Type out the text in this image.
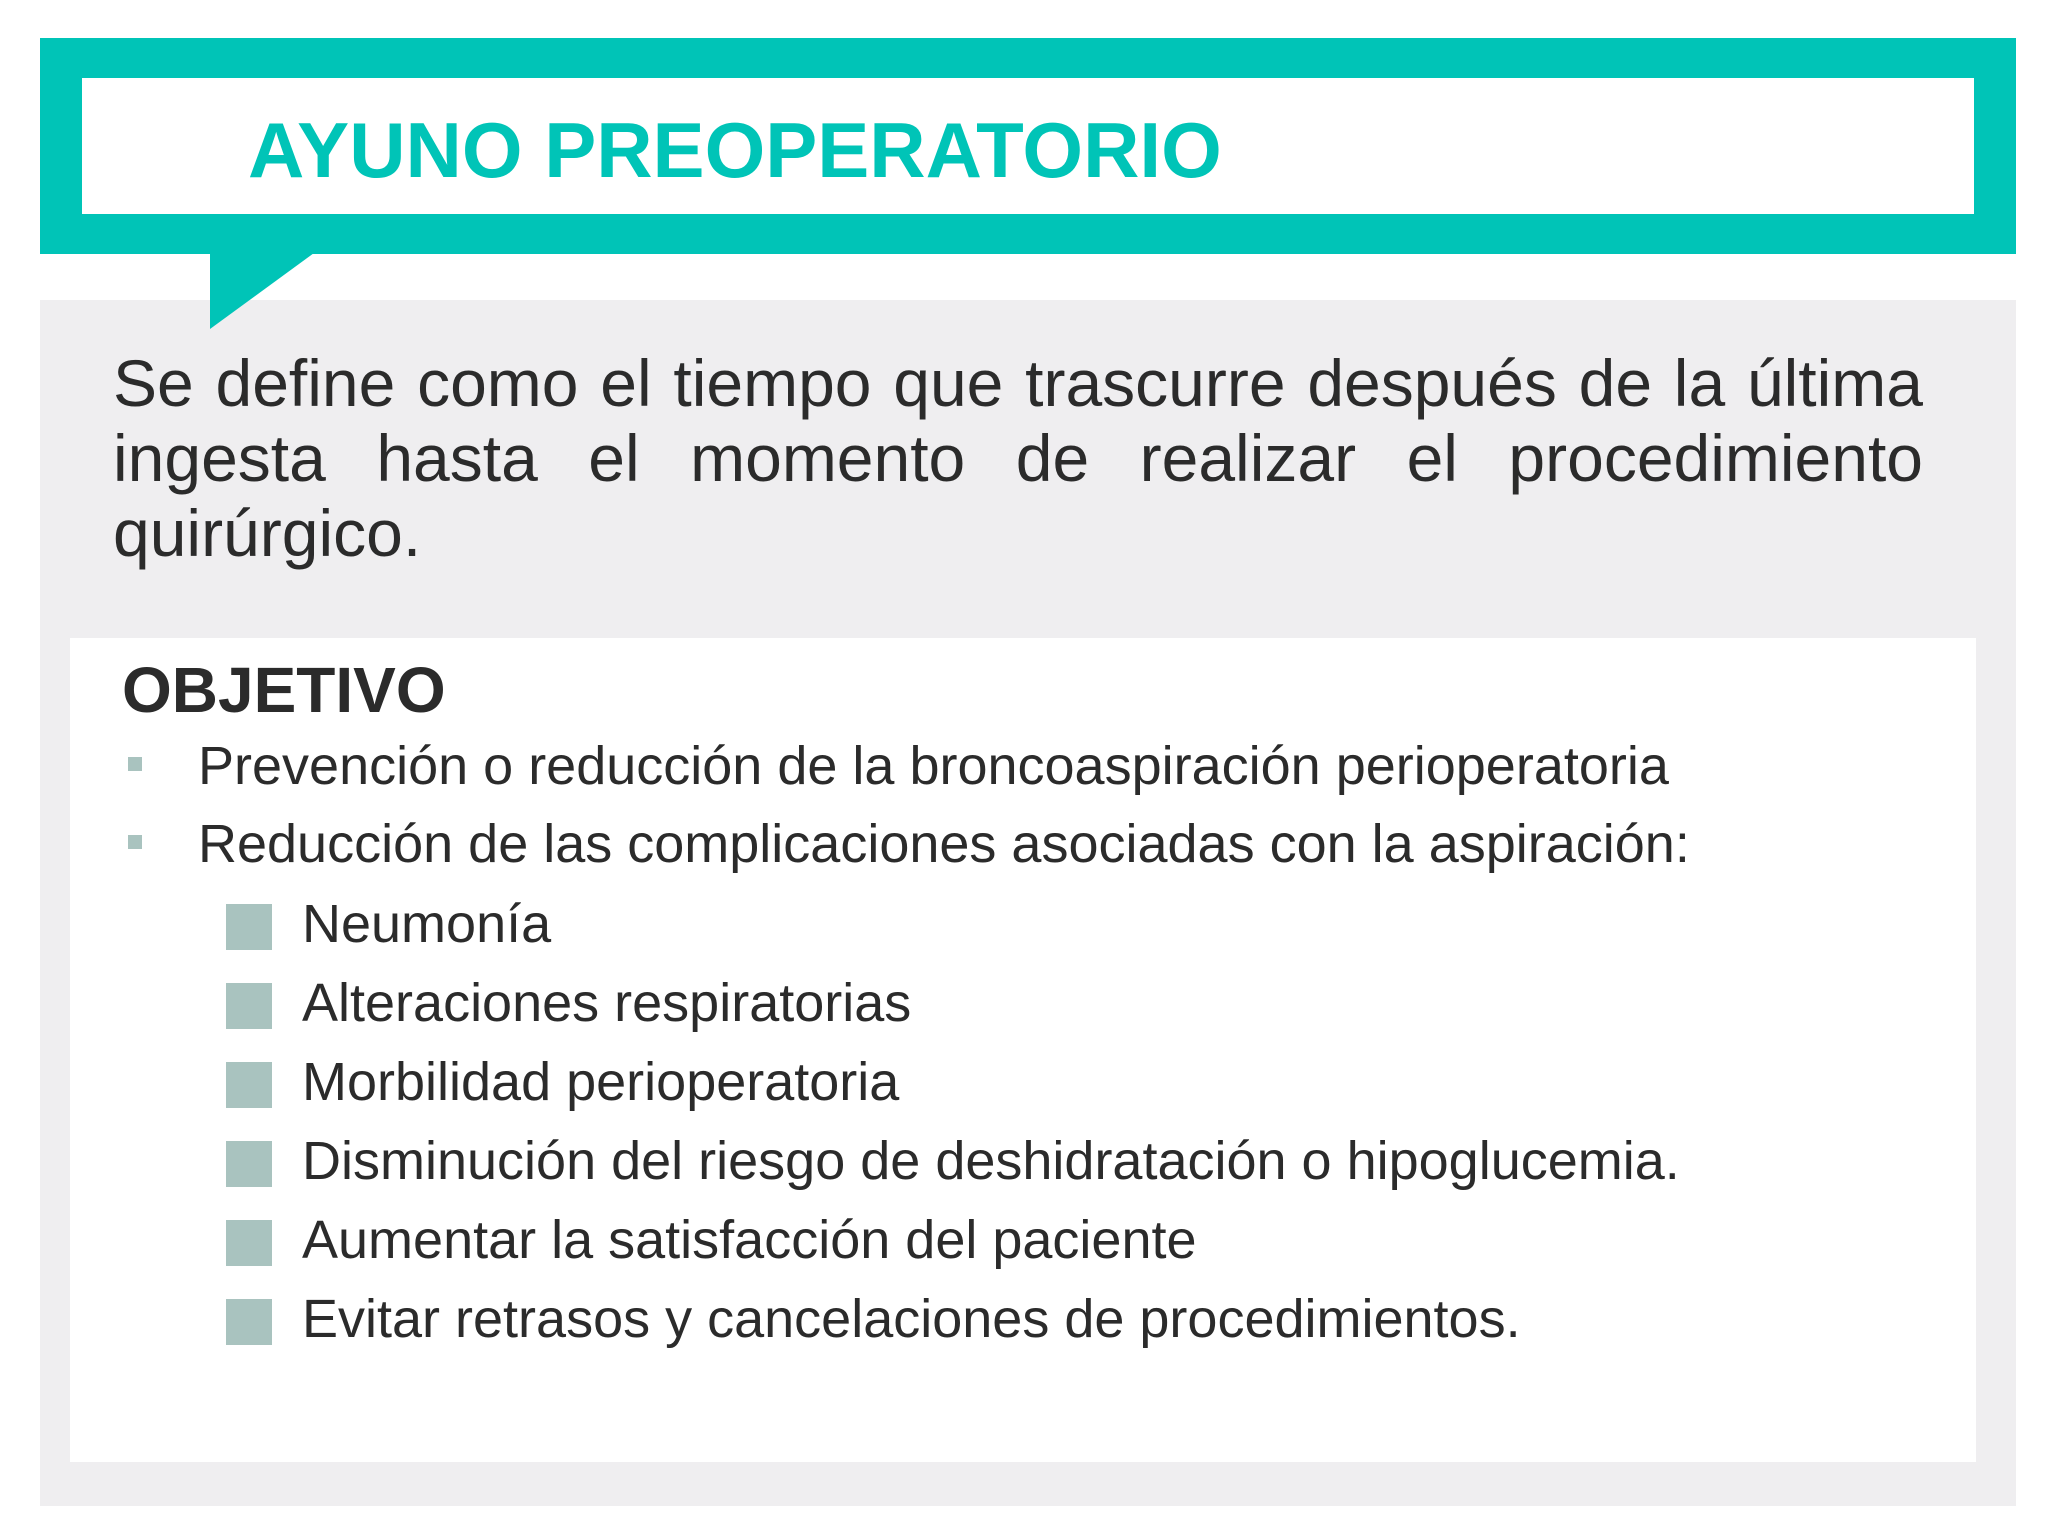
AYUNO PREOPERATORIO

Se define como el tiempo que trascurre después de la última ingesta hasta el momento de realizar el procedimiento quirúrgico.

OBJETIVO
Prevención o reducción de la broncoaspiración perioperatoria
Reducción de las complicaciones asociadas con la aspiración:
Neumonía
Alteraciones respiratorias
Morbilidad perioperatoria
Disminución del riesgo de deshidratación o hipoglucemia.
Aumentar la satisfacción del paciente
Evitar retrasos y cancelaciones de procedimientos.
